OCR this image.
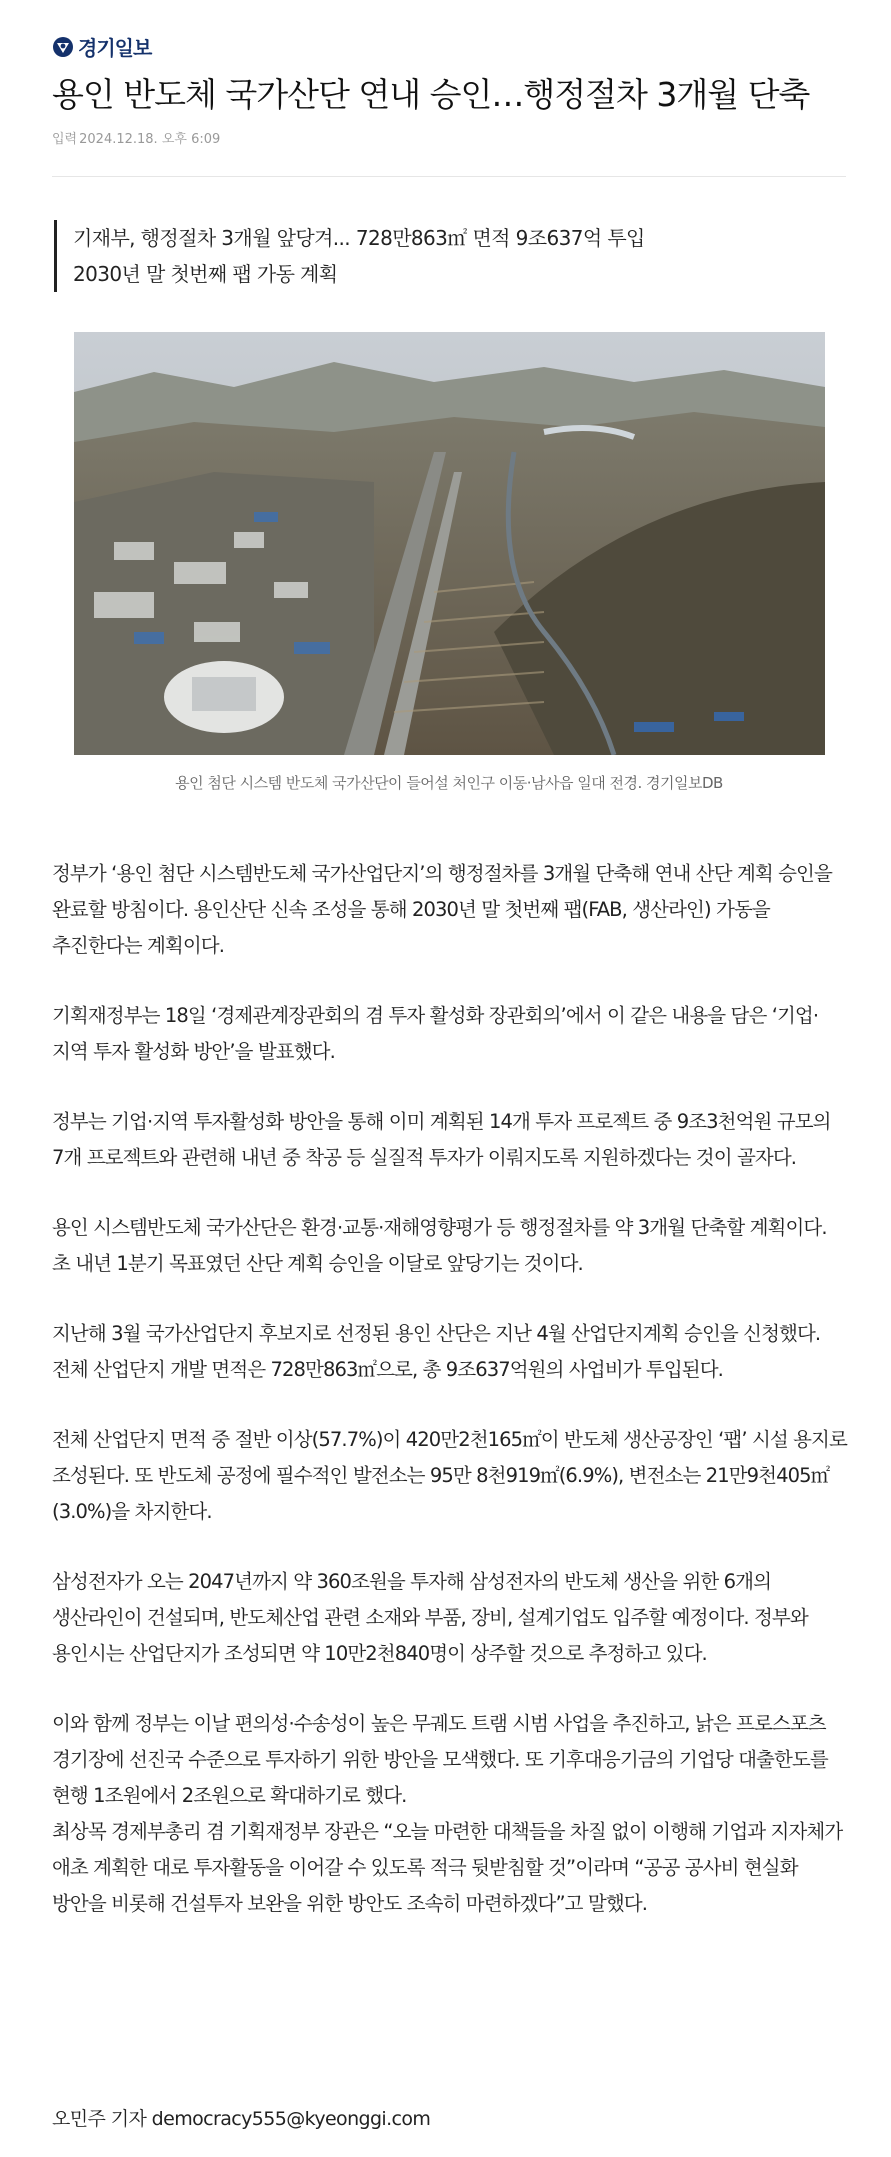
경기일보
용인 반도체 국가산단 연내 승인…행정절차 3개월 단축
입력 2024.12.18. 오후 6:09
기재부, 행정절차 3개월 앞당겨... 728만863㎡ 면적 9조637억 투입
2030년 말 첫번째 팹 가동 계획
용인 첨단 시스템 반도체 국가산단이 들어설 처인구 이동·남사읍 일대 전경. 경기일보DB

정부가 ‘용인 첨단 시스템반도체 국가산업단지’의 행정절차를 3개월 단축해 연내 산단 계획 승인을 완료할 방침이다. 용인산단 신속 조성을 통해 2030년 말 첫번째 팹(FAB, 생산라인) 가동을 추진한다는 계획이다.

기획재정부는 18일 ‘경제관계장관회의 겸 투자 활성화 장관회의’에서 이 같은 내용을 담은 ‘기업·지역 투자 활성화 방안’을 발표했다.

정부는 기업·지역 투자활성화 방안을 통해 이미 계획된 14개 투자 프로젝트 중 9조3천억원 규모의 7개 프로젝트와 관련해 내년 중 착공 등 실질적 투자가 이뤄지도록 지원하겠다는 것이 골자다.

용인 시스템반도체 국가산단은 환경·교통·재해영향평가 등 행정절차를 약 3개월 단축할 계획이다. 초 내년 1분기 목표였던 산단 계획 승인을 이달로 앞당기는 것이다.

지난해 3월 국가산업단지 후보지로 선정된 용인 산단은 지난 4월 산업단지계획 승인을 신청했다. 전체 산업단지 개발 면적은 728만863㎡으로, 총 9조637억원의 사업비가 투입된다.

전체 산업단지 면적 중 절반 이상(57.7%)이 420만2천165㎡이 반도체 생산공장인 ‘팹’ 시설 용지로 조성된다. 또 반도체 공정에 필수적인 발전소는 95만 8천919㎡(6.9%), 변전소는 21만9천405㎡(3.0%)을 차지한다.

삼성전자가 오는 2047년까지 약 360조원을 투자해 삼성전자의 반도체 생산을 위한 6개의 생산라인이 건설되며, 반도체산업 관련 소재와 부품, 장비, 설계기업도 입주할 예정이다. 정부와 용인시는 산업단지가 조성되면 약 10만2천840명이 상주할 것으로 추정하고 있다.

이와 함께 정부는 이날 편의성·수송성이 높은 무궤도 트램 시범 사업을 추진하고, 낡은 프로스포츠 경기장에 선진국 수준으로 투자하기 위한 방안을 모색했다. 또 기후대응기금의 기업당 대출한도를 현행 1조원에서 2조원으로 확대하기로 했다.

최상목 경제부총리 겸 기획재정부 장관은 “오늘 마련한 대책들을 차질 없이 이행해 기업과 지자체가 애초 계획한 대로 투자활동을 이어갈 수 있도록 적극 뒷받침할 것”이라며 “공공 공사비 현실화 방안을 비롯해 건설투자 보완을 위한 방안도 조속히 마련하겠다”고 말했다.

오민주 기자 democracy555@kyeonggi.com
